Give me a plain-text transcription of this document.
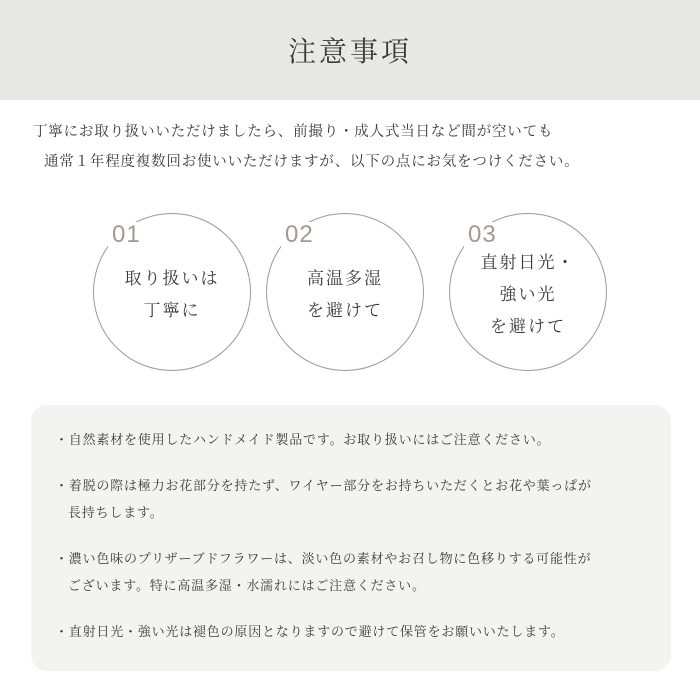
注意事項

丁寧にお取り扱いいただけましたら、前撮り・成人式当日など間が空いても

通常１年程度複数回お使いいただけますが、以下の点にお気をつけください。

01
取り扱いは
丁寧に
02
高温多湿
を避けて
03
直射日光・
強い光
を避けて
・自然素材を使用したハンドメイド製品です。お取り扱いにはご注意ください。
・着脱の際は極力お花部分を持たず、ワイヤー部分をお持ちいただくとお花や葉っぱが
長持ちします。
・濃い色味のプリザーブドフラワーは、淡い色の素材やお召し物に色移りする可能性が
ございます。特に高温多湿・水濡れにはご注意ください。
・直射日光・強い光は褪色の原因となりますので避けて保管をお願いいたします。
